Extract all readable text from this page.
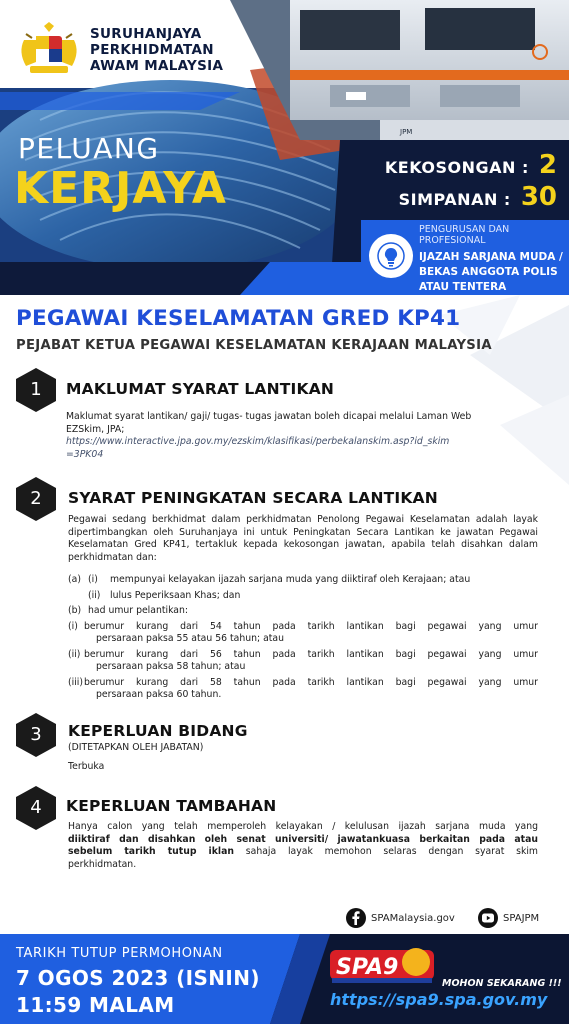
JPM
SURUHANJAYA
PERKHIDMATAN
AWAM MALAYSIA
PELUANG
KERJAYA	KEKOSONGAN : 2
SIMPANAN : 30
PENGURUSAN DAN
PROFESIONAL
IJAZAH SARJANA MUDA /
BEKAS ANGGOTA POLIS
ATAU TENTERA
PEGAWAI KESELAMATAN GRED KP41
PEJABAT KETUA PEGAWAI KESELAMATAN KERAJAAN MALAYSIA
1	MAKLUMAT SYARAT LANTIKAN
Maklumat syarat lantikan/ gaji/ tugas- tugas jawatan boleh dicapai melalui Laman Web
EZSkim, JPA;
https://www.interactive.jpa.gov.my/ezskim/klasifikasi/perbekalanskim.asp?id_skim
=3PK04
2	SYARAT PENINGKATAN SECARA LANTIKAN
Pegawai sedang berkhidmat dalam perkhidmatan Penolong Pegawai Keselamatan adalah layak dipertimbangkan oleh Suruhanjaya ini untuk Peningkatan Secara Lantikan ke jawatan Pegawai Keselamatan Gred KP41, tertakluk kepada kekosongan jawatan, apabila telah disahkan dalam perkhidmatan dan:
(a) (i)	mempunyai kelayakan ijazah sarjana muda yang diiktiraf oleh Kerajaan; atau
(ii)	lulus Peperiksaan Khas; dan
(b) had umur pelantikan:
(i) berumur kurang dari 54 tahun pada tarikh lantikan bagi pegawai yang umur
persaraan paksa 55 atau 56 tahun; atau
(ii) berumur kurang dari 56 tahun pada tarikh lantikan bagi pegawai yang umur
persaraan paksa 58 tahun; atau
(iii) berumur kurang dari 58 tahun pada tarikh lantikan bagi pegawai yang umur
persaraan paksa 60 tahun.
3	KEPERLUAN BIDANG
(DITETAPKAN OLEH JABATAN)
Terbuka
4	KEPERLUAN TAMBAHAN
Hanya calon yang telah memperoleh kelayakan / kelulusan ijazah sarjana muda yang
diiktiraf dan disahkan oleh senat universiti/ jawatankuasa berkaitan pada atau
sebelum tarikh tutup iklan sahaja layak memohon selaras dengan syarat skim
perkhidmatan.
SPAMalaysia.gov	SPAJPM
TARIKH TUTUP PERMOHONAN
7 OGOS 2023 (ISNIN)
11:59 MALAM
SPA9
MOHON SEKARANG !!!
https://spa9.spa.gov.my
